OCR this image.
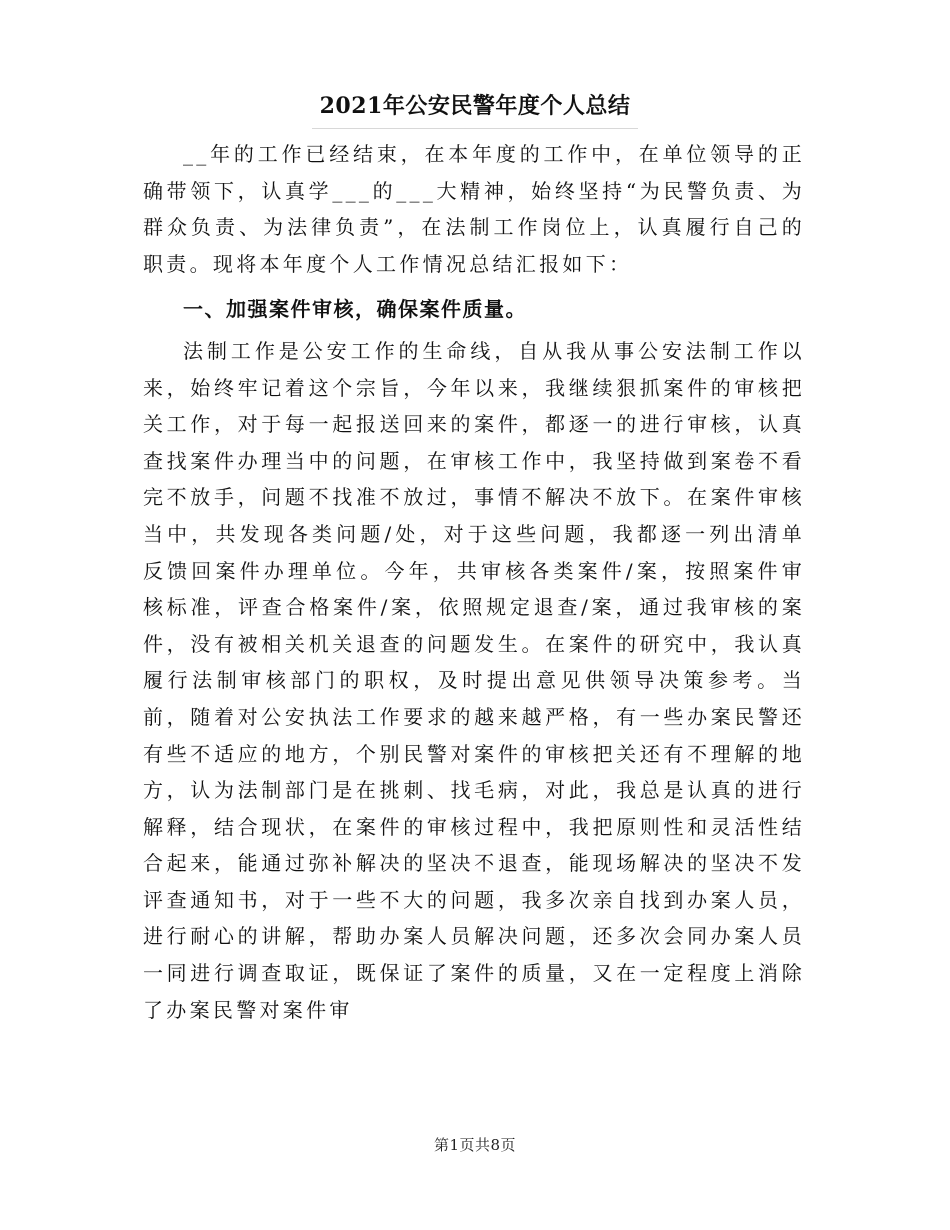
2021年公安民警年度个人总结

__年的工作已经结束，在本年度的工作中，在单位领导的正确带领下，认真学___的___大精神，始终坚持“为民警负责、为群众负责、为法律负责”，在法制工作岗位上，认真履行自己的职责。现将本年度个人工作情况总结汇报如下：

一、加强案件审核，确保案件质量。

法制工作是公安工作的生命线，自从我从事公安法制工作以来，始终牢记着这个宗旨，今年以来，我继续狠抓案件的审核把关工作，对于每一起报送回来的案件，都逐一的进行审核，认真查找案件办理当中的问题，在审核工作中，我坚持做到案卷不看完不放手，问题不找准不放过，事情不解决不放下。在案件审核当中，共发现各类问题/处，对于这些问题，我都逐一列出清单反馈回案件办理单位。今年，共审核各类案件/案，按照案件审核标准，评查合格案件/案，依照规定退查/案，通过我审核的案件，没有被相关机关退查的问题发生。在案件的研究中，我认真履行法制审核部门的职权，及时提出意见供领导决策参考。当前，随着对公安执法工作要求的越来越严格，有一些办案民警还有些不适应的地方，个别民警对案件的审核把关还有不理解的地方，认为法制部门是在挑刺、找毛病，对此，我总是认真的进行解释，结合现状，在案件的审核过程中，我把原则性和灵活性结合起来，能通过弥补解决的坚决不退查，能现场解决的坚决不发评查通知书，对于一些不大的问题，我多次亲自找到办案人员，进行耐心的讲解，帮助办案人员解决问题，还多次会同办案人员一同进行调查取证，既保证了案件的质量，又在一定程度上消除了办案民警对案件审

第1页共8页
